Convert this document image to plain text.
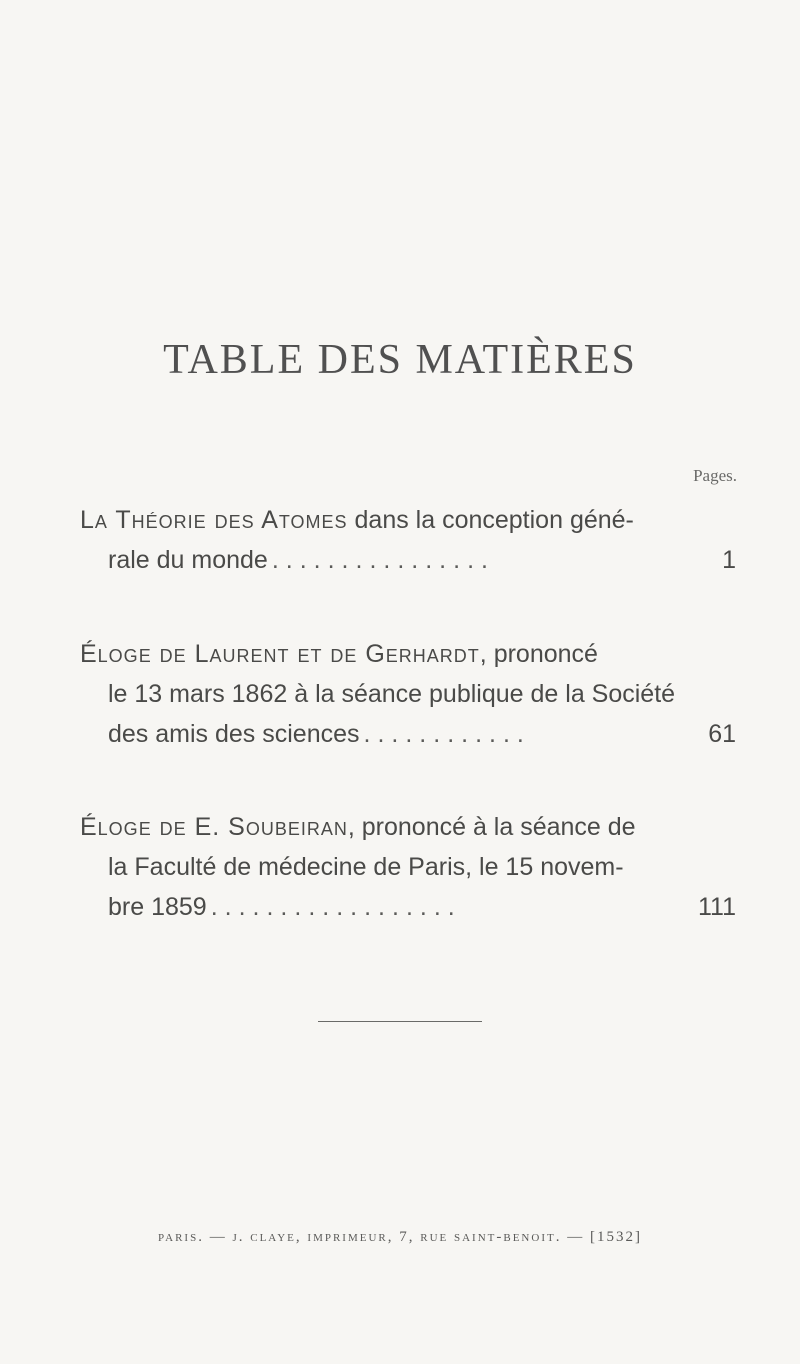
TABLE DES MATIÈRES
Pages.
La Théorie des Atomes dans la conception géné-
rale du monde ................	1
Éloge de Laurent et de Gerhardt, prononcé
le 13 mars 1862 à la séance publique de la Société
des amis des sciences ............	61
Éloge de E. Soubeiran, prononcé à la séance de
la Faculté de médecine de Paris, le 15 novem-
bre 1859 ..................	111
paris. — j. claye, imprimeur, 7, rue saint-benoit. — [1532]
